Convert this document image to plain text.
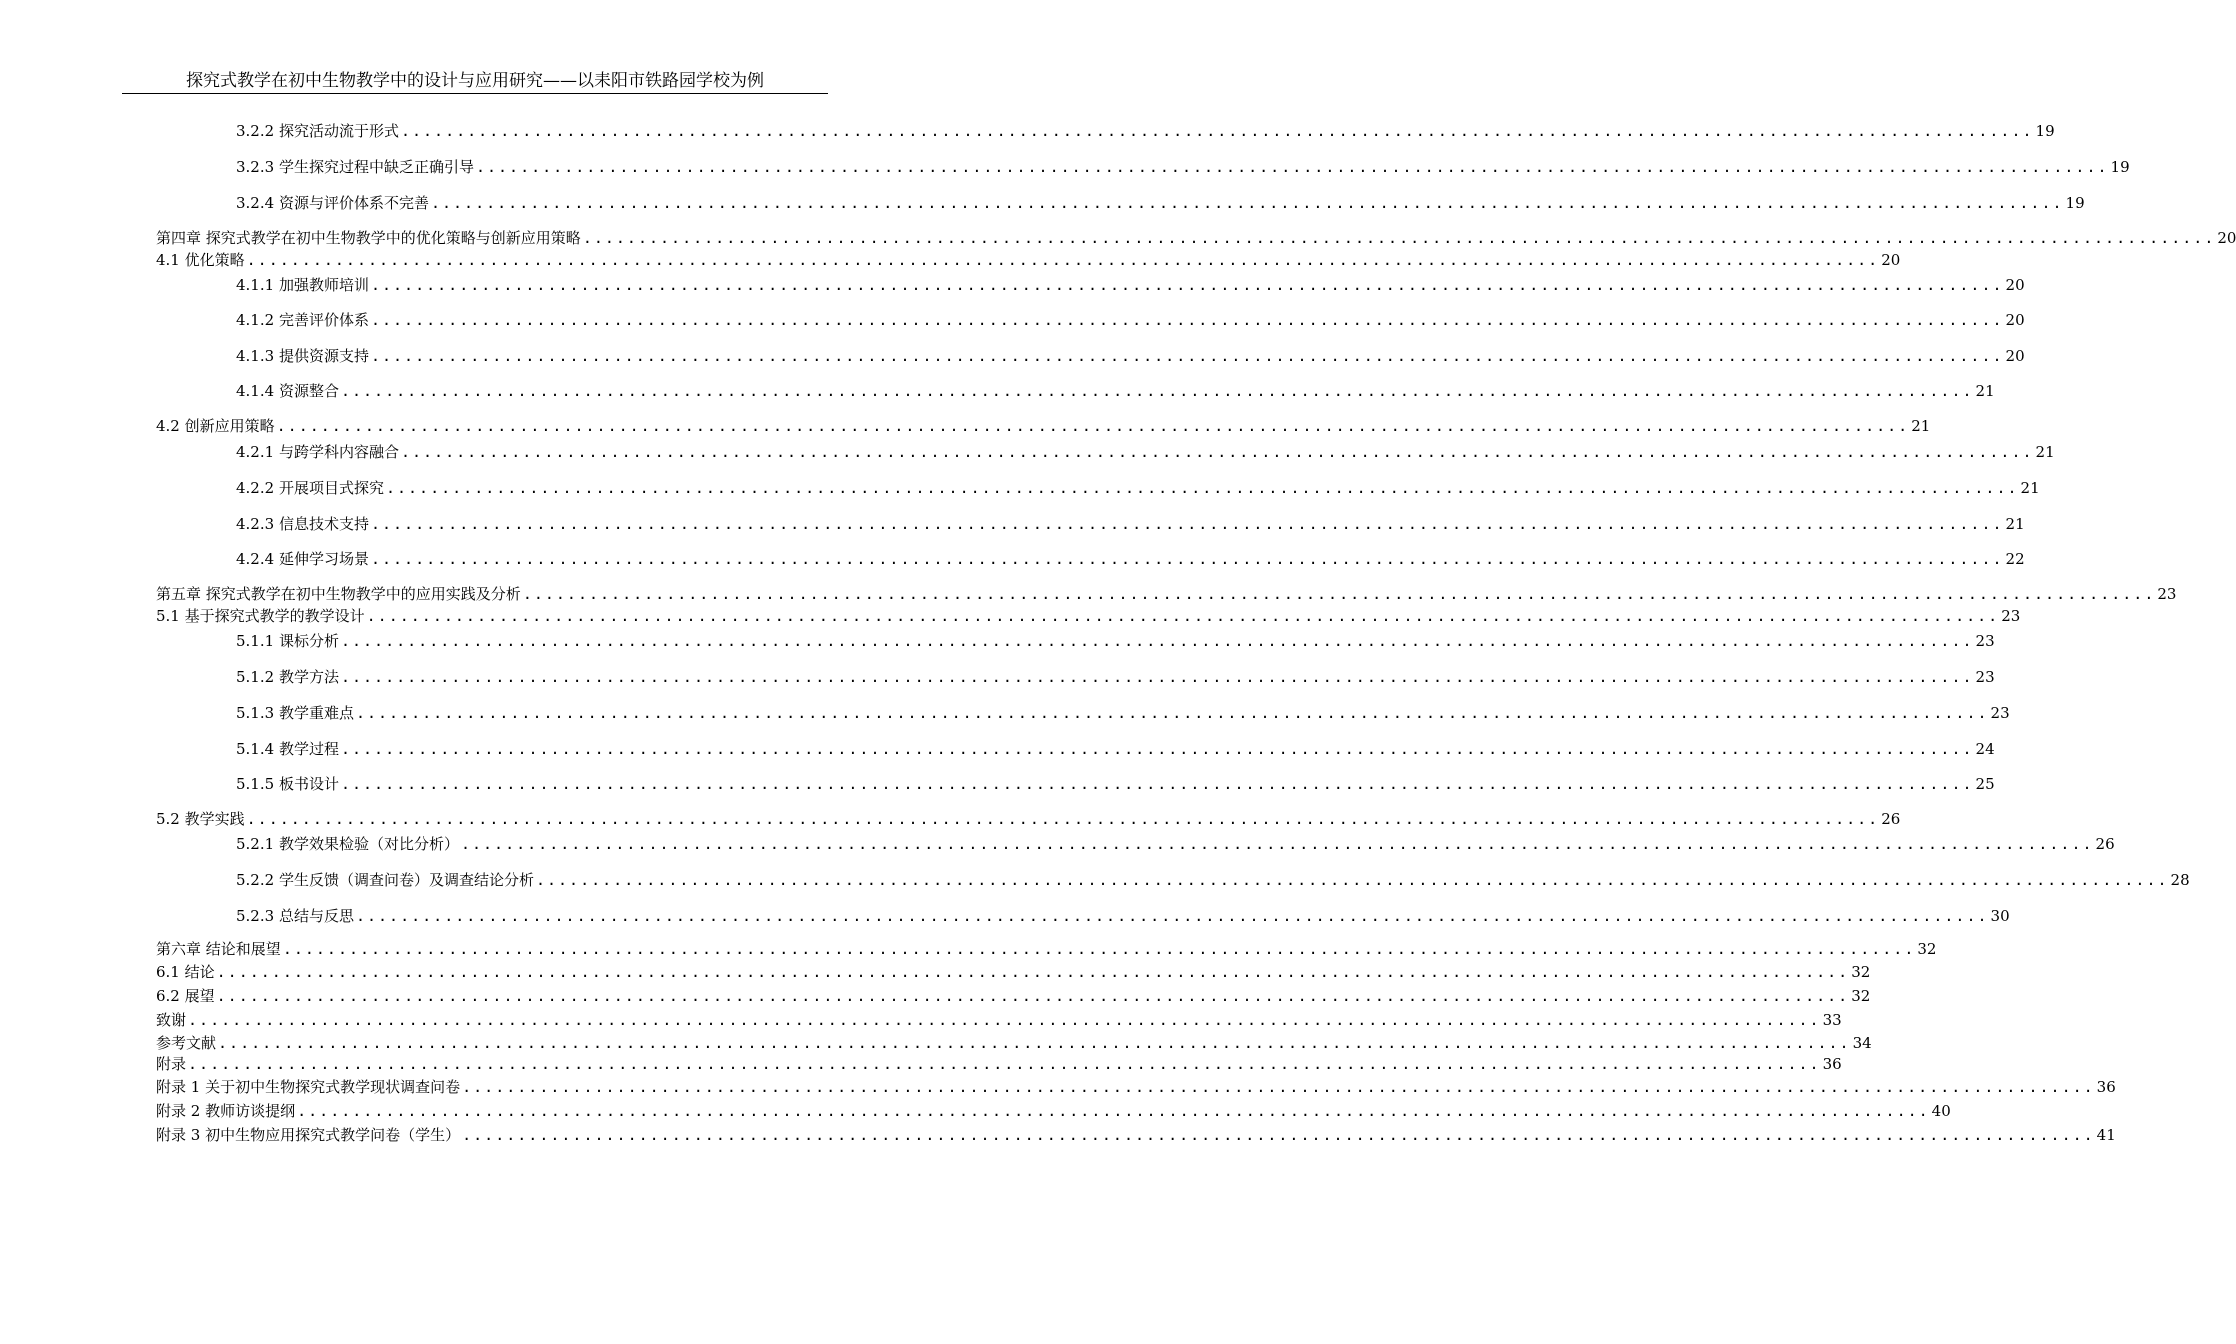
探究式教学在初中生物教学中的设计与应用研究——以耒阳市铁路园学校为例
3.2.2 探究活动流于形式 .................................................................................................................................................... 19
3.2.3 学生探究过程中缺乏正确引导 .................................................................................................................................................... 19
3.2.4 资源与评价体系不完善 .................................................................................................................................................... 19
第四章 探究式教学在初中生物教学中的优化策略与创新应用策略 .................................................................................................................................................... 20
4.1 优化策略 .................................................................................................................................................... 20
4.1.1 加强教师培训 .................................................................................................................................................... 20
4.1.2 完善评价体系 .................................................................................................................................................... 20
4.1.3 提供资源支持 .................................................................................................................................................... 20
4.1.4 资源整合 .................................................................................................................................................... 21
4.2 创新应用策略 .................................................................................................................................................... 21
4.2.1 与跨学科内容融合 .................................................................................................................................................... 21
4.2.2 开展项目式探究 .................................................................................................................................................... 21
4.2.3 信息技术支持 .................................................................................................................................................... 21
4.2.4 延伸学习场景 .................................................................................................................................................... 22
第五章 探究式教学在初中生物教学中的应用实践及分析 .................................................................................................................................................... 23
5.1 基于探究式教学的教学设计 .................................................................................................................................................... 23
5.1.1 课标分析 .................................................................................................................................................... 23
5.1.2 教学方法 .................................................................................................................................................... 23
5.1.3 教学重难点 .................................................................................................................................................... 23
5.1.4 教学过程 .................................................................................................................................................... 24
5.1.5 板书设计 .................................................................................................................................................... 25
5.2 教学实践 .................................................................................................................................................... 26
5.2.1 教学效果检验（对比分析） .................................................................................................................................................... 26
5.2.2 学生反馈（调查问卷）及调查结论分析 .................................................................................................................................................... 28
5.2.3 总结与反思 .................................................................................................................................................... 30
第六章 结论和展望 .................................................................................................................................................... 32
6.1 结论 .................................................................................................................................................... 32
6.2 展望 .................................................................................................................................................... 32
致谢 .................................................................................................................................................... 33
参考文献 .................................................................................................................................................... 34
附录 .................................................................................................................................................... 36
附录 1 关于初中生物探究式教学现状调查问卷 .................................................................................................................................................... 36
附录 2 教师访谈提纲 .................................................................................................................................................... 40
附录 3 初中生物应用探究式教学问卷（学生） .................................................................................................................................................... 41
